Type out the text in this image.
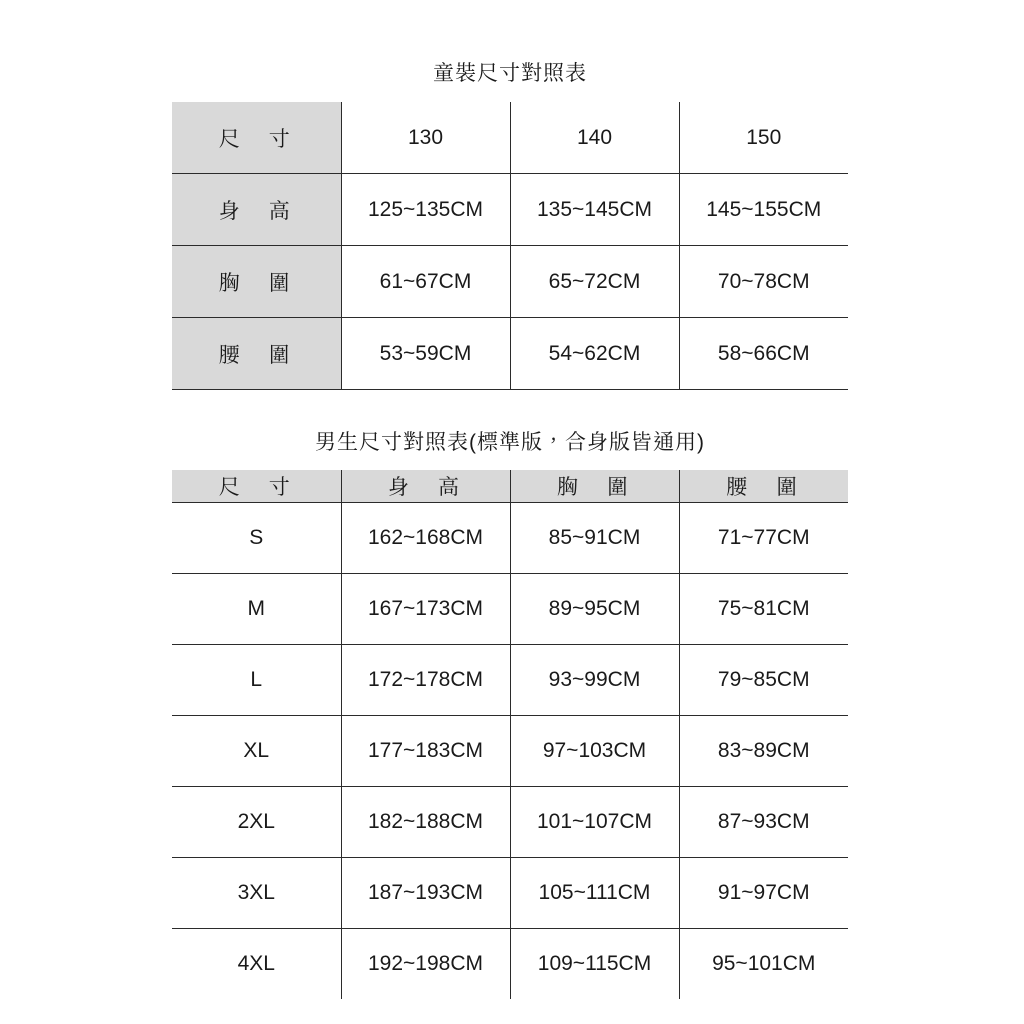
童裝尺寸對照表			
尺　寸	130	140	150
身　高	125~135CM	135~145CM	145~155CM
胸　圍	61~67CM	65~72CM	70~78CM
腰　圍	53~59CM	54~62CM	58~66CM
男生尺寸對照表(標準版，合身版皆通用)			
尺　寸	身　高	胸　圍	腰　圍
S	162~168CM	85~91CM	71~77CM
M	167~173CM	89~95CM	75~81CM
L	172~178CM	93~99CM	79~85CM
XL	177~183CM	97~103CM	83~89CM
2XL	182~188CM	101~107CM	87~93CM
3XL	187~193CM	105~111CM	91~97CM
4XL	192~198CM	109~115CM	95~101CM
